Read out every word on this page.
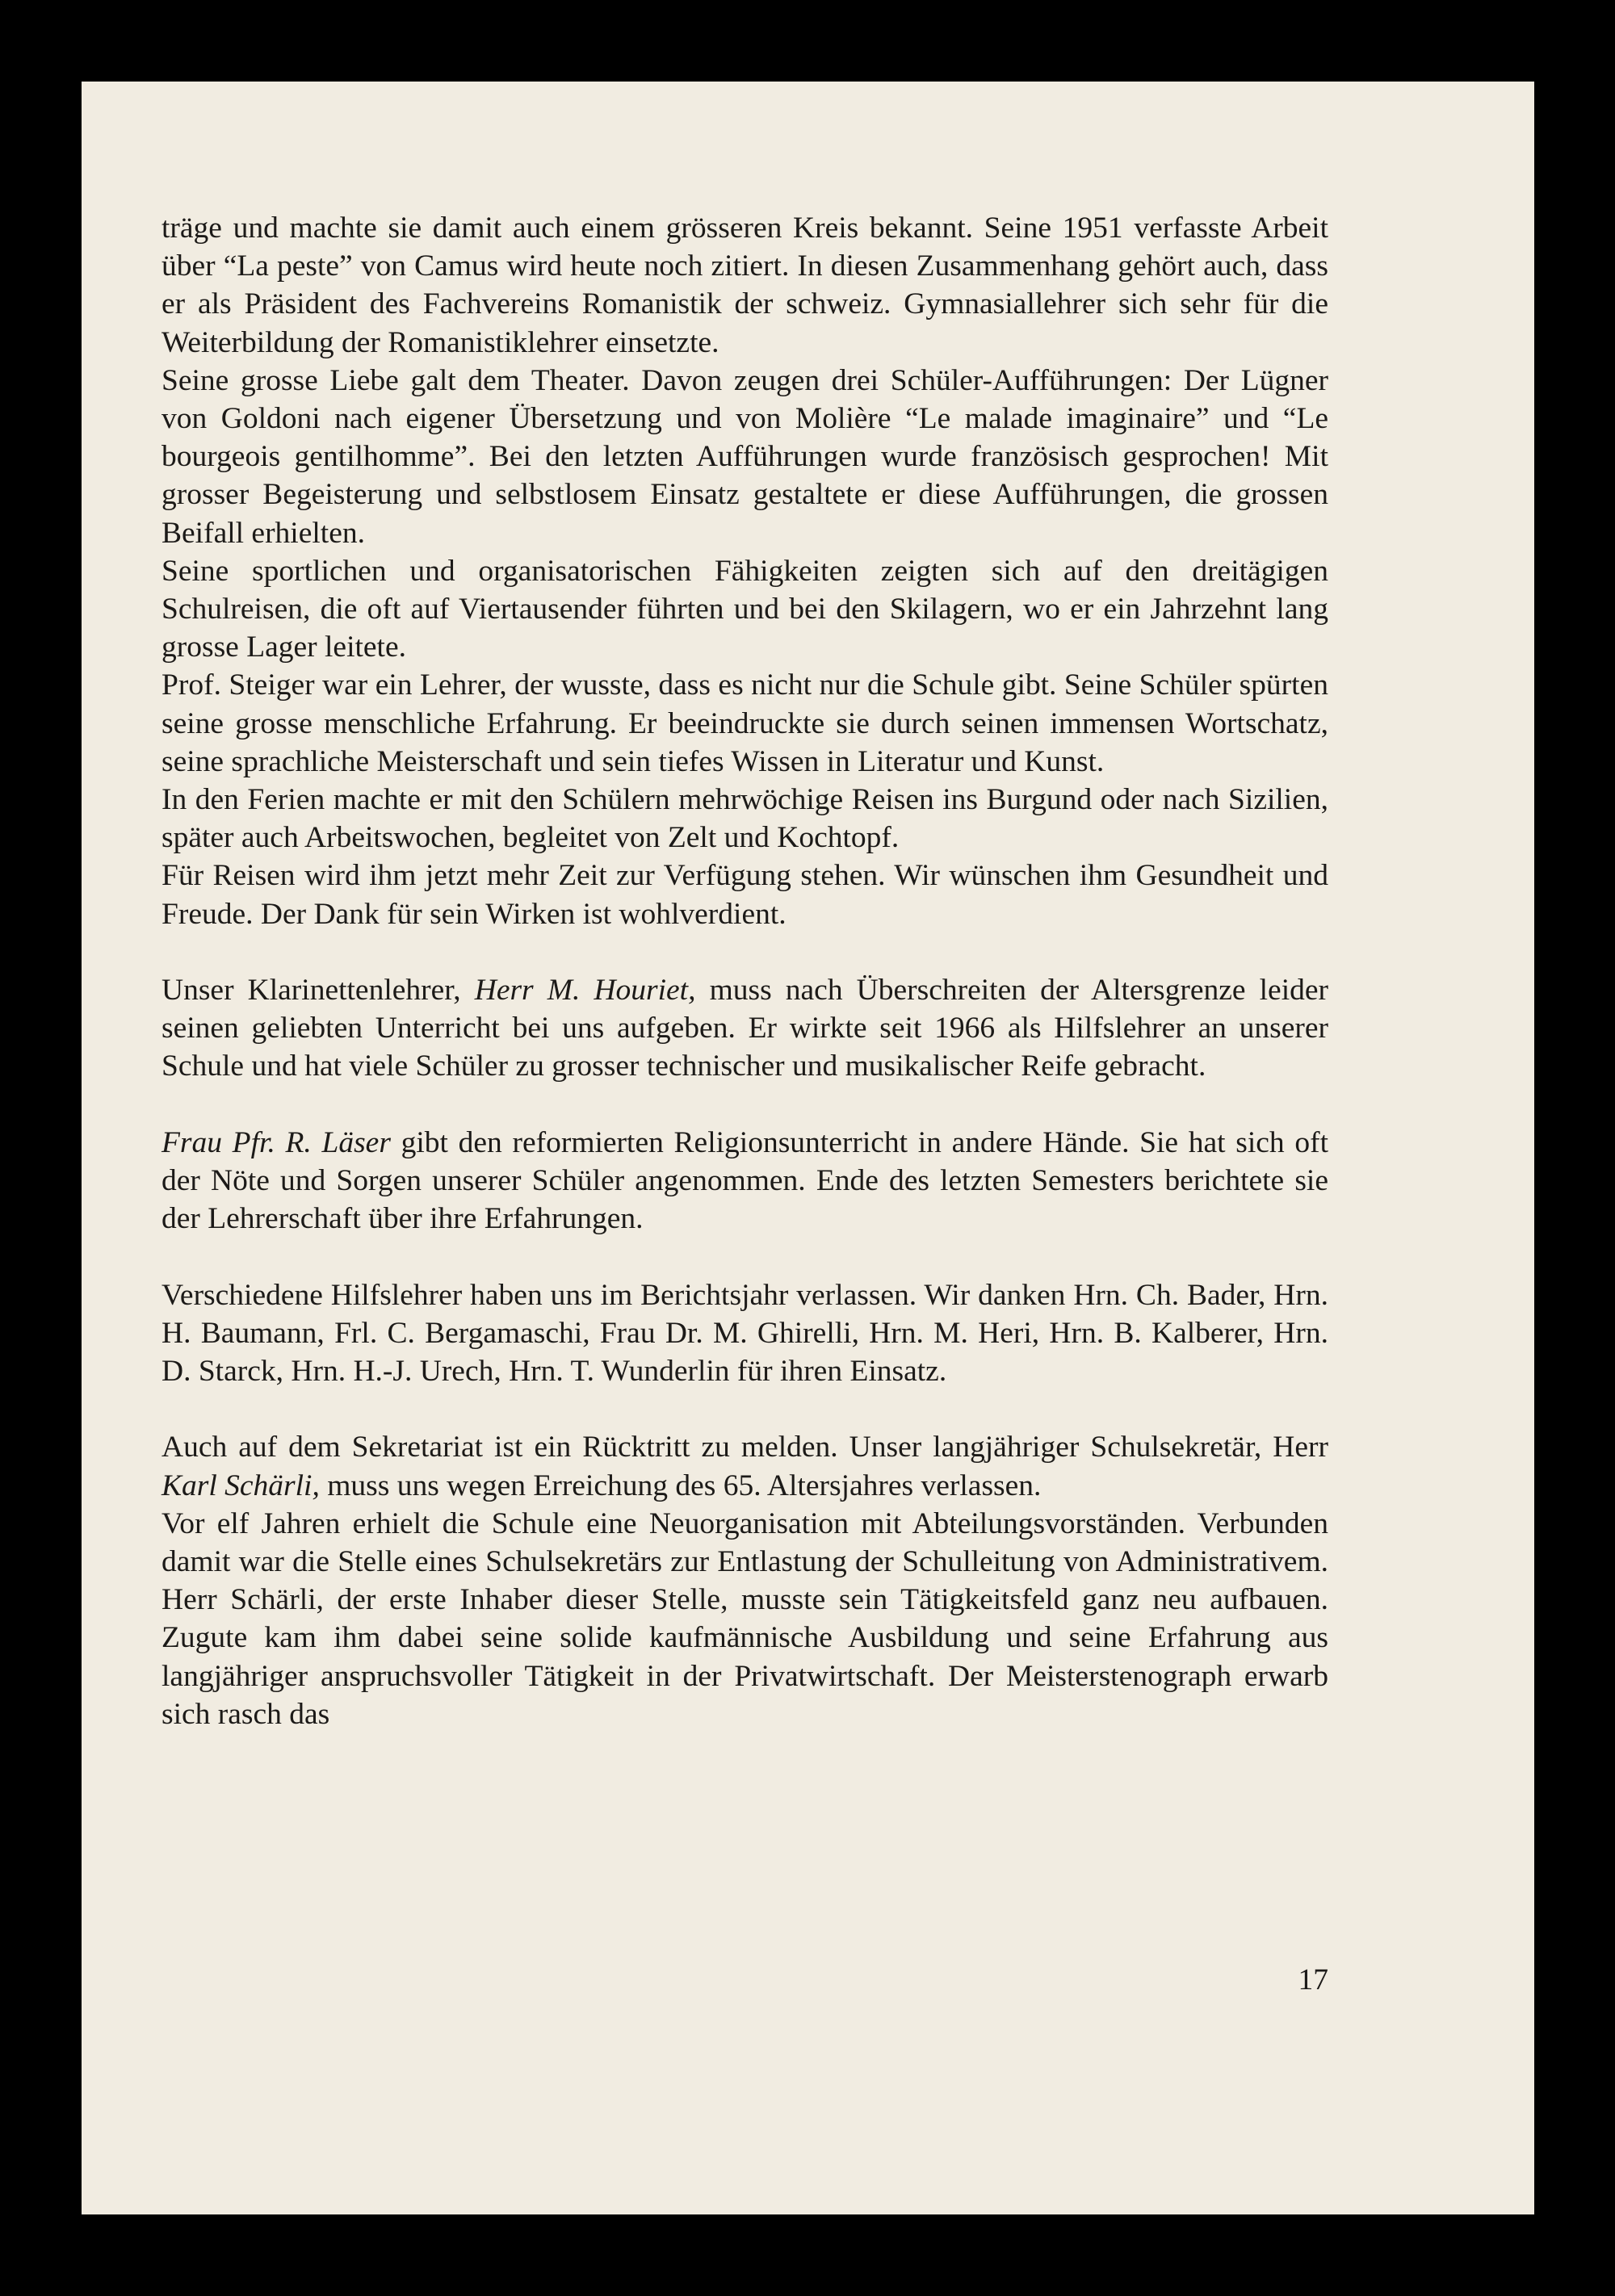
träge und machte sie damit auch einem grösseren Kreis bekannt. Seine 1951 verfasste Arbeit über “La peste” von Camus wird heute noch zitiert. In diesen Zusammenhang gehört auch, dass er als Präsident des Fachvereins Romanistik der schweiz. Gymnasiallehrer sich sehr für die Weiterbildung der Romanistiklehrer einsetzte.

Seine grosse Liebe galt dem Theater. Davon zeugen drei Schüler-Aufführungen: Der Lügner von Goldoni nach eigener Übersetzung und von Molière “Le malade imaginaire” und “Le bourgeois gentilhomme”. Bei den letzten Aufführungen wurde französisch gesprochen! Mit grosser Begeisterung und selbstlosem Einsatz gestaltete er diese Aufführungen, die grossen Beifall erhielten.

Seine sportlichen und organisatorischen Fähigkeiten zeigten sich auf den dreitägigen Schulreisen, die oft auf Viertausender führten und bei den Skilagern, wo er ein Jahrzehnt lang grosse Lager leitete.

Prof. Steiger war ein Lehrer, der wusste, dass es nicht nur die Schule gibt. Seine Schüler spürten seine grosse menschliche Erfahrung. Er beeindruckte sie durch seinen immensen Wortschatz, seine sprachliche Meisterschaft und sein tiefes Wissen in Literatur und Kunst.

In den Ferien machte er mit den Schülern mehrwöchige Reisen ins Burgund oder nach Sizilien, später auch Arbeitswochen, begleitet von Zelt und Kochtopf.

Für Reisen wird ihm jetzt mehr Zeit zur Verfügung stehen. Wir wünschen ihm Gesundheit und Freude. Der Dank für sein Wirken ist wohlverdient.

Unser Klarinettenlehrer, Herr M. Houriet, muss nach Überschreiten der Altersgrenze leider seinen geliebten Unterricht bei uns aufgeben. Er wirkte seit 1966 als Hilfslehrer an unserer Schule und hat viele Schüler zu grosser technischer und musikalischer Reife gebracht.

Frau Pfr. R. Läser gibt den reformierten Religionsunterricht in andere Hände. Sie hat sich oft der Nöte und Sorgen unserer Schüler angenommen. Ende des letzten Semesters berichtete sie der Lehrerschaft über ihre Erfahrungen.

Verschiedene Hilfslehrer haben uns im Berichtsjahr verlassen. Wir danken Hrn. Ch. Bader, Hrn. H. Baumann, Frl. C. Bergamaschi, Frau Dr. M. Ghirelli, Hrn. M. Heri, Hrn. B. Kalberer, Hrn. D. Starck, Hrn. H.-J. Urech, Hrn. T. Wunderlin für ihren Einsatz.

Auch auf dem Sekretariat ist ein Rücktritt zu melden. Unser langjähriger Schulsekretär, Herr Karl Schärli, muss uns wegen Erreichung des 65. Altersjahres verlassen.

Vor elf Jahren erhielt die Schule eine Neuorganisation mit Abteilungsvorständen. Verbunden damit war die Stelle eines Schulsekretärs zur Entlastung der Schulleitung von Administrativem. Herr Schärli, der erste Inhaber dieser Stelle, musste sein Tätigkeitsfeld ganz neu aufbauen. Zugute kam ihm dabei seine solide kaufmännische Ausbildung und seine Erfahrung aus langjähriger anspruchsvoller Tätigkeit in der Privatwirtschaft. Der Meisterstenograph erwarb sich rasch das

17
